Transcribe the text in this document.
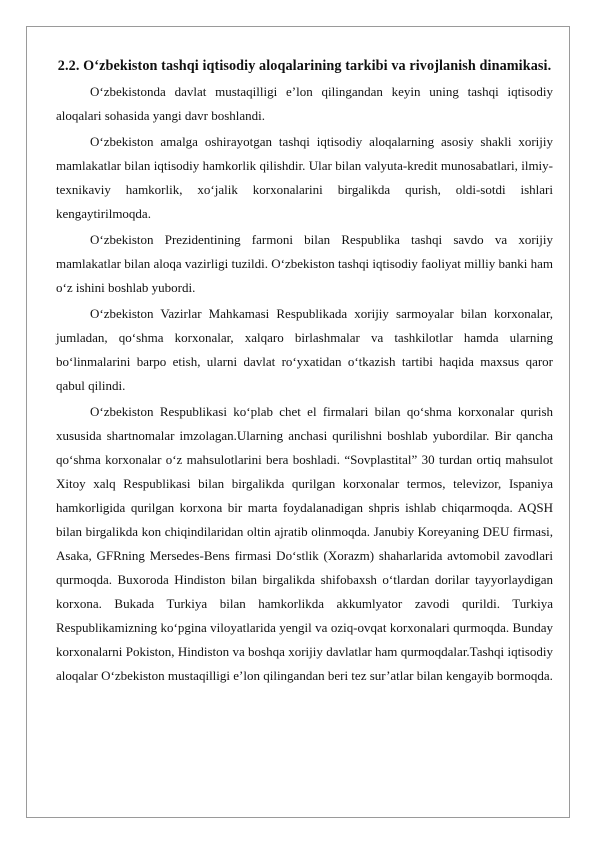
2.2. O‘zbekiston tashqi iqtisodiy aloqalarining tarkibi va rivojlanish dinamikasi.

O‘zbekistonda davlat mustaqilligi e’lon qilingandan keyin uning tashqi iqtisodiy aloqalari sohasida yangi davr boshlandi.

O‘zbekiston amalga oshirayotgan tashqi iqtisodiy aloqalarning asosiy shakli xorijiy mamlakatlar bilan iqtisodiy hamkorlik qilishdir. Ular bilan valyuta-kredit munosabatlari, ilmiy-texnikaviy hamkorlik, xo‘jalik korxonalarini birgalikda qurish, oldi-sotdi ishlari kengaytirilmoqda.

O‘zbekiston Prezidentining farmoni bilan Respublika tashqi savdo va xorijiy mamlakatlar bilan aloqa vazirligi tuzildi. O‘zbekiston tashqi iqtisodiy faoliyat milliy banki ham o‘z ishini boshlab yubordi.

O‘zbekiston Vazirlar Mahkamasi Respublikada xorijiy sarmoyalar bilan korxonalar, jumladan, qo‘shma korxonalar, xalqaro birlashmalar va tashkilotlar hamda ularning bo‘linmalarini barpo etish, ularni davlat ro‘yxatidan o‘tkazish tartibi haqida maxsus qaror qabul qilindi.

O‘zbekiston Respublikasi ko‘plab chet el firmalari bilan qo‘shma korxonalar qurish xususida shartnomalar imzolagan.Ularning anchasi qurilishni boshlab yubordilar. Bir qancha qo‘shma korxonalar o‘z mahsulotlarini bera boshladi. “Sovplastital” 30 turdan ortiq mahsulot Xitoy xalq Respublikasi bilan birgalikda qurilgan korxonalar termos, televizor, Ispaniya hamkorligida qurilgan korxona bir marta foydalanadigan shpris ishlab chiqarmoqda. AQSH bilan birgalikda kon chiqindilaridan oltin ajratib olinmoqda. Janubiy Koreyaning DEU firmasi, Asaka, GFRning Mersedes-Bens firmasi Do‘stlik (Xorazm) shaharlarida avtomobil zavodlari qurmoqda. Buxoroda Hindiston bilan birgalikda shifobaxsh o‘tlardan dorilar tayyorlaydigan korxona. Bukada Turkiya bilan hamkorlikda akkumlyator zavodi qurildi. Turkiya Respublikamizning ko‘pgina viloyatlarida yengil va oziq-ovqat korxonalari qurmoqda. Bunday korxonalarni Pokiston, Hindiston va boshqa xorijiy davlatlar ham qurmoqdalar.Tashqi iqtisodiy aloqalar O‘zbekiston mustaqilligi e’lon qilingandan beri tez sur’atlar bilan kengayib bormoqda.
